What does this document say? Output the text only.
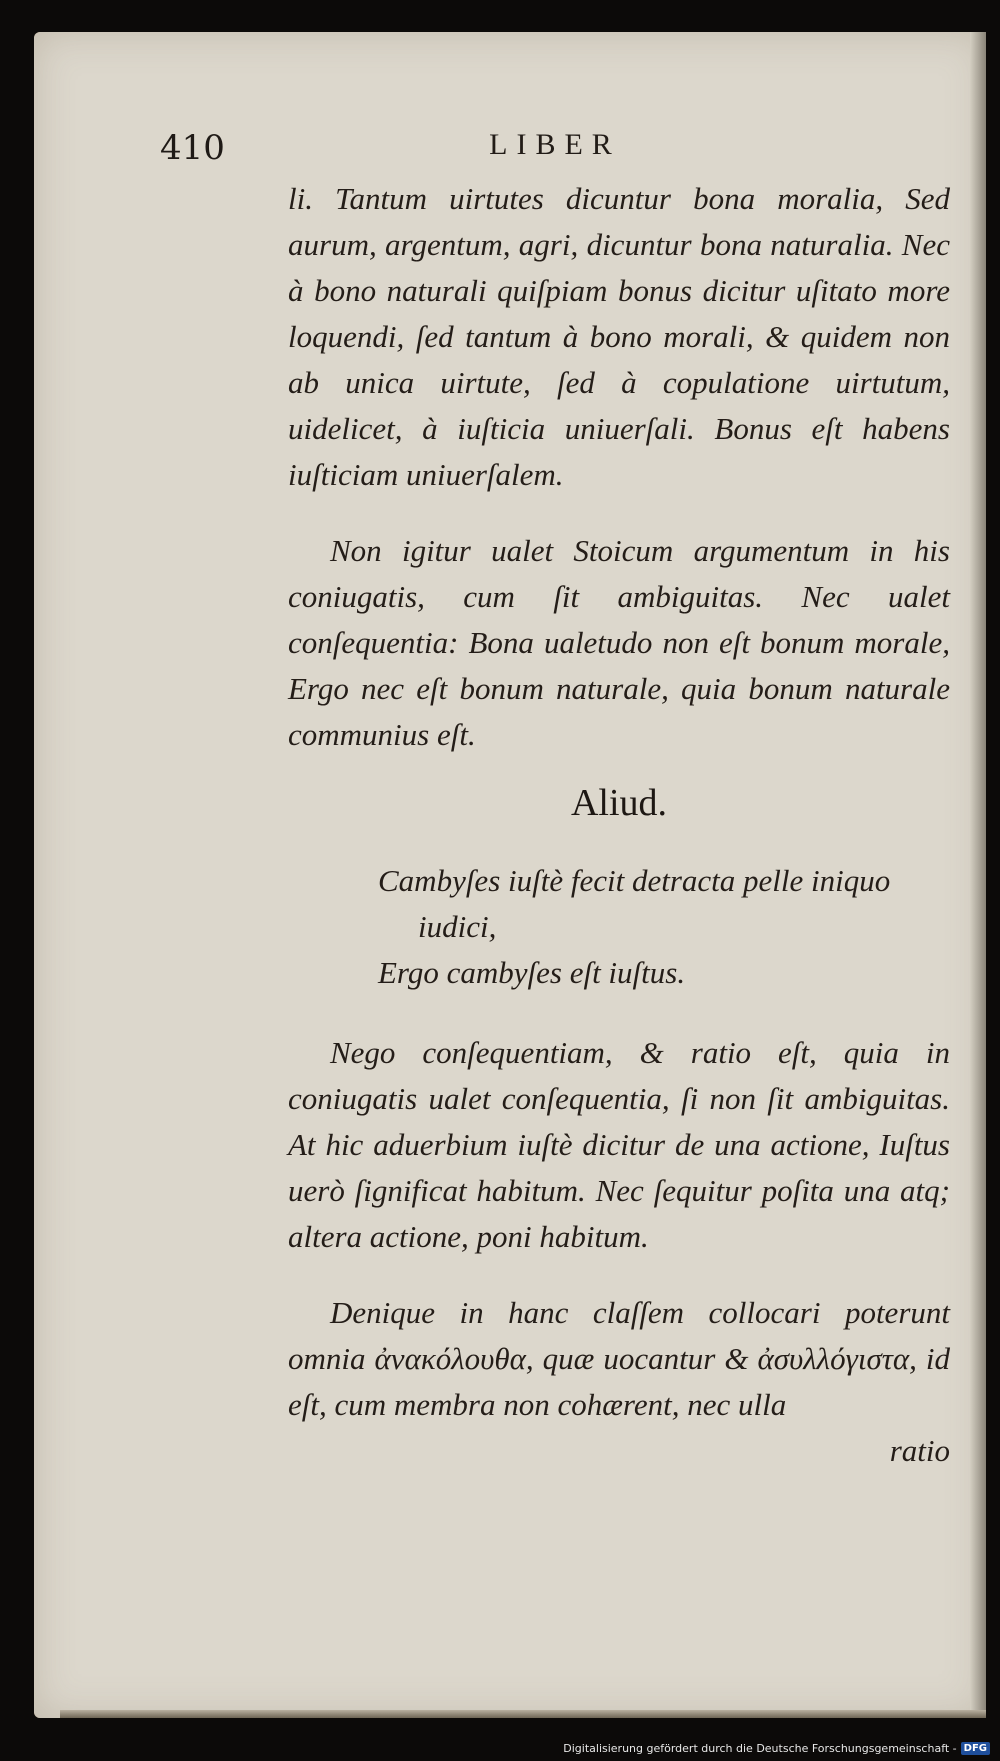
410	LIBER

li. Tantum uirtutes dicuntur bona moralia, Sed aurum, argentum, agri, dicuntur bona naturalia. Nec à bono naturali quiſpiam bonus dicitur uſitato more loquendi, ſed tantum à bono morali, & quidem non ab unica uirtute, ſed à copulatione uirtutum, uidelicet, à iuſticia uniuerſali. Bonus eſt habens iuſticiam uniuerſalem.

Non igitur ualet Stoicum argumentum in his coniugatis, cum ſit ambiguitas. Nec ualet conſequentia: Bona ualetudo non eſt bonum morale, Ergo nec eſt bonum naturale, quia bonum naturale communius eſt.

Aliud.
Cambyſes iuſtè fecit detracta pelle iniquo
iudici,
Ergo cambyſes eſt iuſtus.

Nego conſequentiam, & ratio eſt, quia in coniugatis ualet conſequentia, ſi non ſit ambiguitas. At hic aduerbium iuſtè dicitur de una actione, Iuſtus uerò ſignificat habitum. Nec ſequitur poſita una atq; altera actione, poni habitum.

Denique in hanc claſſem collocari poterunt omnia ἀνακόλουθα, quæ uocantur & ἀσυλλόγιστα, id eſt, cum membra non cohærent, nec ulla

ratio

Digitalisierung gefördert durch die Deutsche Forschungsgemeinschaft - DFG
